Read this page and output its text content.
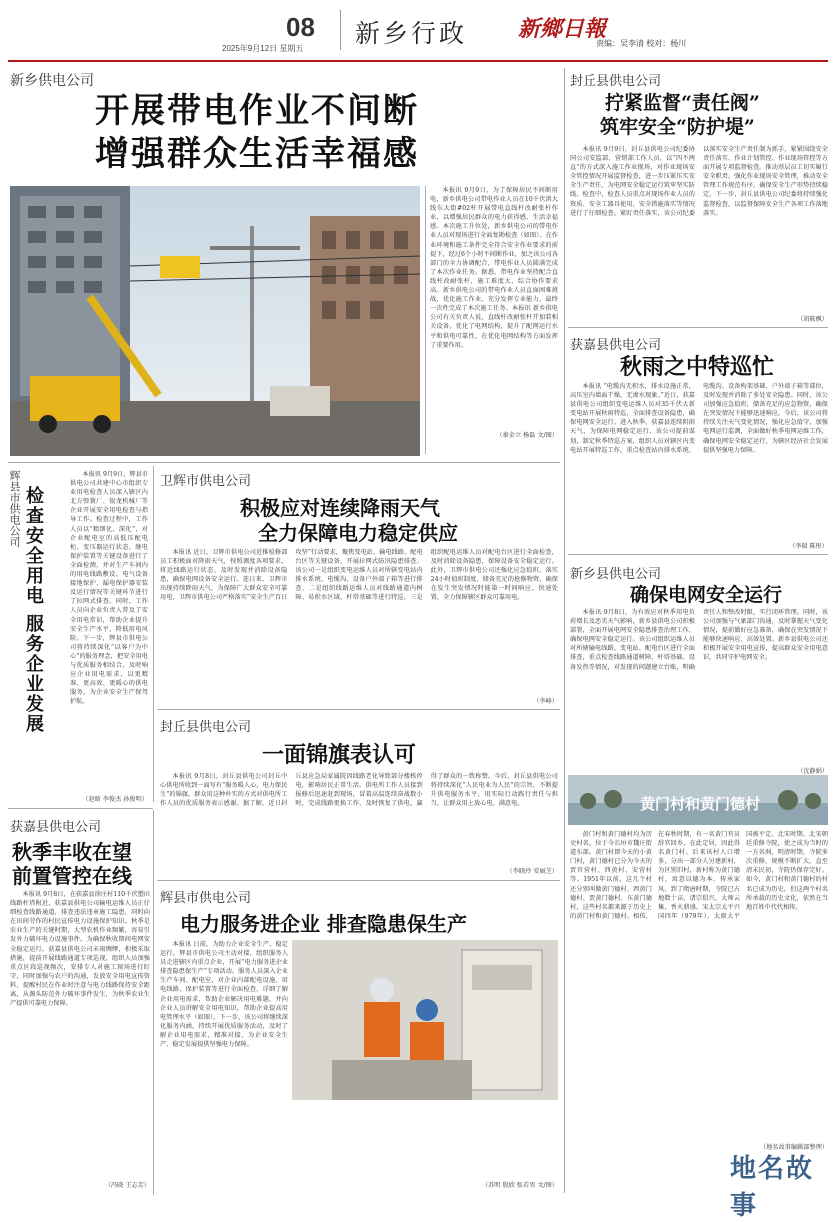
08
2025年9月12日 星期五
新乡行政 新鄉日報
责编：吴李清 校对：杨川
新乡供电公司
开展带电作业不间断
增强群众生活幸福感
本报讯 9月9日，为了保障居民不间断用电，新乡供电公司带电作业人员在10千伏洪大线东大街#02杆开展带电直线杆改耐张杆作业，以增强居民群众的电力获得感、生活幸福感。本次施工升位处，新乡供电公司的带电作业人员对现场进行全面复勘检查（如图）。在作业环境和施工条件完全符合安全作业要求的前提下，经过6个小时不间断作业，加之该公司各部门的全力协调配合，带电作业人员圆满完成了本次作业任务。据悉，带电作业坚持配合直线杆改耐张杆，施工难度大、综合协作要求高。新乡供电公司的带电作业人员直面困难挑战，优化施工作业、充分发挥专业能力，最终一次性完成了本次施工任务。本报讯 新乡供电公司有关负责人说，直线杆改耐张杆开加装相关设备，优化了电网结构，提升了配网运行水平和供电可靠性，在优化电网结构等方面发挥了重要作用。
（秦金立 杨磊 文/图）
封丘县供电公司
拧紧监督“责任阀”
筑牢安全“防护堤”
本报讯 9月9日，封丘县供电公司纪委协同公司安监部、营销部工作人员，以“四不两直”的方式深入施工作业现场，对作业现场安全管控情况开展监督检查，进一步压紧压实安全生产责任，为电网安全稳定运行筑牢坚实防线。检查中，检查人员重点对现场作业人员的资质、安全工器具使用、安全措施落实等情况进行了仔细检查。紧盯责任落实，该公司纪委以落实安全生产责任制为抓手，紧紧围绕安全责任落实、作业计划管控、作业现场管控等方面开展专项监督检查。推动基层员工切实履行安全职责。强化作业现场安全管理，推动安全管理工作规范有序，确保安全生产形势持续稳定。下一步，封丘县供电公司纪委将持续强化监督检查，以监督保障安全生产各项工作落地落实。
（胡筱枫）
获嘉县供电公司
秋雨之中特巡忙
本报讯 “电缆沟无积水，排水设施正常，高压室内墙面干燥，无渗水现象。”近日，获嘉县供电公司组织变电运维人员对35千伏大新变电站开展秋雨特巡，全面排查设备隐患，确保电网安全运行。进入秋季，获嘉县连续阴雨天气，为保障电网稳定运行，该公司提前谋划，制定秋季特巡方案，组织人员对辖区内变电站开展特巡工作，重点检查站内排水系统、电缆沟、设备构架基础、户外端子箱等部位，及时发现并消除了多处安全隐患。同时，该公司加强应急值班，储备充足的应急物资，确保在突发情况下能够迅速响应。今后，该公司将持续关注天气变化情况，强化应急值守，加强电网运行监测，全面做好秋季电网运维工作，确保电网安全稳定运行，为辖区经济社会发展提供坚强电力保障。
（李瑞 陈彤）
新乡县供电公司
确保电网安全运行
本报讯 9月8日，为有效应对秋季用电负荷增长及恶劣天气影响，新乡县供电公司积极部署，全面开展电网安全隐患排查治理工作，确保电网安全稳定运行。该公司组织运维人员对所辖输电线路、变电站、配电台区进行全面排查，重点检查线路通道树障、杆塔基础、设备发热等情况，对发现的问题建立台账，明确责任人和整改时限，实行闭环管理。同时，该公司加强与气象部门沟通，及时掌握天气变化情况，提前做好应急准备，确保在突发情况下能够快速响应、高效处置。新乡县供电公司还积极开展安全用电宣传，提高群众安全用电意识，共同守护电网安全。
（沈静娟）
黄门村和黄门德村
黄门村和黄门德村均为历史村名，位于今长垣市魏庄街道东部。黄门村即今天的小黄门村，黄门德村已分为今天的贾官营村、西黄村、安营村等。1951年以前，这几个村还分别叫做黄门德村、西黄门德村、贾黄门德村、东黄门德村，这些村名都来源于历史上的黄门村和黄门德村。相传，在春秋时期，有一名黄门官员辞官回乡，在此定居，因此得名黄门村。后来该村人口增多，分出一部分人另建新村，为区别旧村，新村称为黄门德村，寓意以德为本，传承家风。到了隋唐时期，寺院已占地数十亩，诸宗俱兴，大师云集，香火鼎盛。宋太宗太平兴国四年（979年），太原大平国被平定。北宋时期，北宋朝廷重修寺院，使之成为当时的一方名刹。明清时期，寺院多次重修，规模不断扩大，直至清末民初，寺院仍保存完好。如今，黄门村和黄门德村的村名已成为历史，但这两个村名所承载的历史文化，依然在当地百姓中代代相传。
（地名故事编辑部整理）
地名故事
辉县市供电公司 检查安全用电 服务企业发展
本报讯 9月9日，辉县市供电公司共建中心市组织专业用电检查人员深入辖区内北方弹簧厂、银龙机械厂等企业开展安全用电检查与指导工作。检查过程中，工作人员以“精细化、深化”，对企业配电室的高低压配电柜、变压器运行状态、继电保护装置等关键设备进行了全面检测，并对生产车间内的用电线路敷设、电气设备接地保护、漏电保护器安装及运行情况等关键环节进行了拉网式排查。同时，工作人员向企业负责人普及了安全用电常识，帮助企业提升安全生产水平，降低用电风险。下一步，辉县市供电公司将持续深化“以客户为中心”的服务理念，把安全用电与优质服务相结合，及时响应企业用电需求，以更精准、更高效、更暖心的供电服务，为企业安全生产保驾护航。
（赵晗 李俊杰 孙俊明）
卫辉市供电公司
积极应对连续降雨天气
全力保障电力稳定供应
本报讯 近日，卫辉市供电公司近推检修部员工积极面对降雨天气，按照调度各项要求，将近线路运行状态、及时发现并消除设备隐患，确保电网设备安全运行。连日来，卫辉市出现持续降雨天气，为保障广大群众安全可靠用电，卫辉市供电公司严格落实“安全生产百日攻坚”行动要求，聚焦变电站、输电线路、配电台区等关键设备，开展拉网式防汛隐患排查。该公司一是组织变电运维人员对所辖变电站内排水系统、电缆沟、设备户外端子箱等进行排查，二是组织线路运维人员对线路通道内树障、易积水区域、杆塔基础等进行特巡，三是组织配电运维人员对配电台区进行全面检查，及时消除设备隐患，保障设备安全稳定运行。此外，卫辉市供电公司还强化应急值班，落实24小时值班制度，储备充足的抢修物资，确保在发生突发情况时能第一时间响应、快速处置，全力保障辖区群众可靠用电。
（李峰）
封丘县供电公司
一面锦旗表认可
本报讯 9月8日，封丘县供电公司封丘中心供电所收到一面写有“服务暖人心，电力保民生”的锦旗，群众用这种朴实的方式对供电所工作人员的优质服务表示感谢。据了解，近日封丘县应急局家属院因线路老化导致部分楼栋停电，影响居民正常生活。供电所工作人员接到报修后迅速赶到现场，冒着高温连续奋战数小时，完成线路更换工作，及时恢复了供电，赢得了群众的一致称赞。今后，封丘县供电公司将持续深化“人民电业为人民”的宗旨，不断提升供电服务水平，用实际行动践行责任与担当，让群众用上放心电、满意电。
（李晓玲 安丽芝）
获嘉县供电公司
秋季丰收在望
前置管控在线
本报讯 9月8日，在获嘉县徐庄村110千伏塑田线路杆塔附近，获嘉县供电公司输电运维人员正仔细检查线路通道，排查违法违章施工隐患，同时向在田间劳作的村民宣传电力设施保护知识。秋季是农业生产的关键时期，大型农机作业频繁，容易引发外力破坏电力设施事件。为确保秋收期间电网安全稳定运行，获嘉县供电公司未雨绸缪，积极采取措施，提前开展线路通道专项巡视，组织人员加强重点区段巡视频次，安排专人对施工现场进行盯守，同时加强与农户的沟通，发放安全用电宣传资料，提醒村民在作业时注意与电力线路保持安全距离，从源头防范外力破坏事件发生，为秋季农业生产提供可靠电力保障。
（冯晓 王志芳）
辉县市供电公司
电力服务进企业 排查隐患保生产
本报讯 日前，为助力企业安全生产、稳定运行，辉县市供电公司主动对接，组织服务人员走进辖区内重点企业，开展“电力服务进企业 排查隐患保生产”专项活动。服务人员深入企业生产车间、配电室，对企业内部配电设施、用电线路、保护装置等进行全面检查，详细了解企业用电需求，帮助企业解决用电难题，并向企业人员讲解安全用电知识，帮助企业提高用电管理水平（如图）。下一步，该公司将继续深化服务内涵，持续开展优质服务活动，及时了解企业用电需求，精准对接，为企业安全生产、稳定发展提供坚强电力保障。
（苏明 殷欣 张若男 文/图）
